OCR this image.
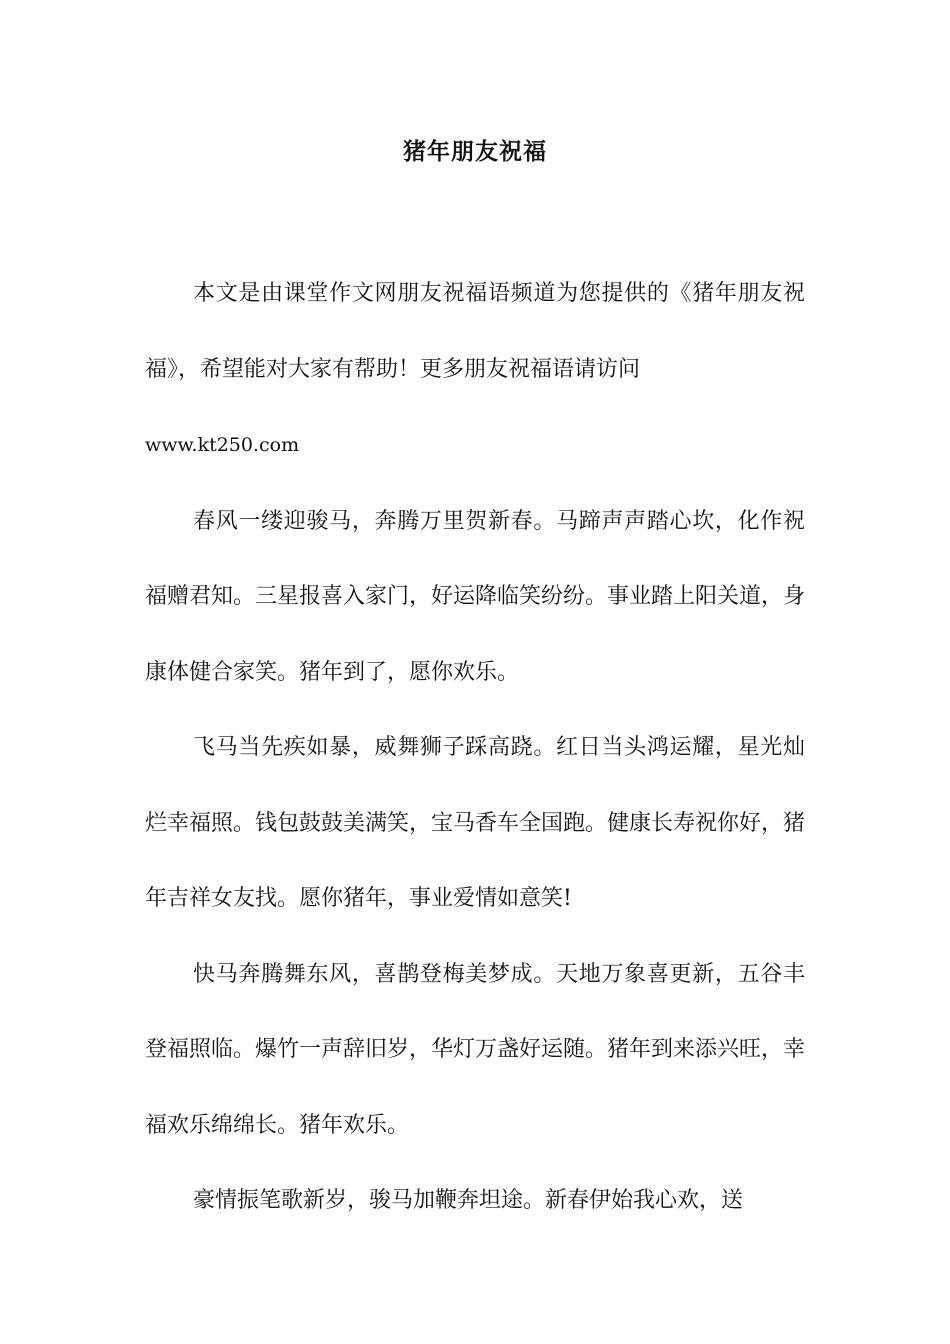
猪年朋友祝福

本文是由课堂作文网朋友祝福语频道为您提供的《猪年朋友祝福》，希望能对大家有帮助！更多朋友祝福语请访问
www.kt250.com

春风一缕迎骏马，奔腾万里贺新春。马蹄声声踏心坎，化作祝福赠君知。三星报喜入家门，好运降临笑纷纷。事业踏上阳关道，身康体健合家笑。猪年到了，愿你欢乐。

飞马当先疾如暴，威舞狮子踩高跷。红日当头鸿运耀，星光灿烂幸福照。钱包鼓鼓美满笑，宝马香车全国跑。健康长寿祝你好，猪年吉祥女友找。愿你猪年，事业爱情如意笑!

快马奔腾舞东风，喜鹊登梅美梦成。天地万象喜更新，五谷丰登福照临。爆竹一声辞旧岁，华灯万盏好运随。猪年到来添兴旺，幸福欢乐绵绵长。猪年欢乐。

豪情振笔歌新岁，骏马加鞭奔坦途。新春伊始我心欢，送
